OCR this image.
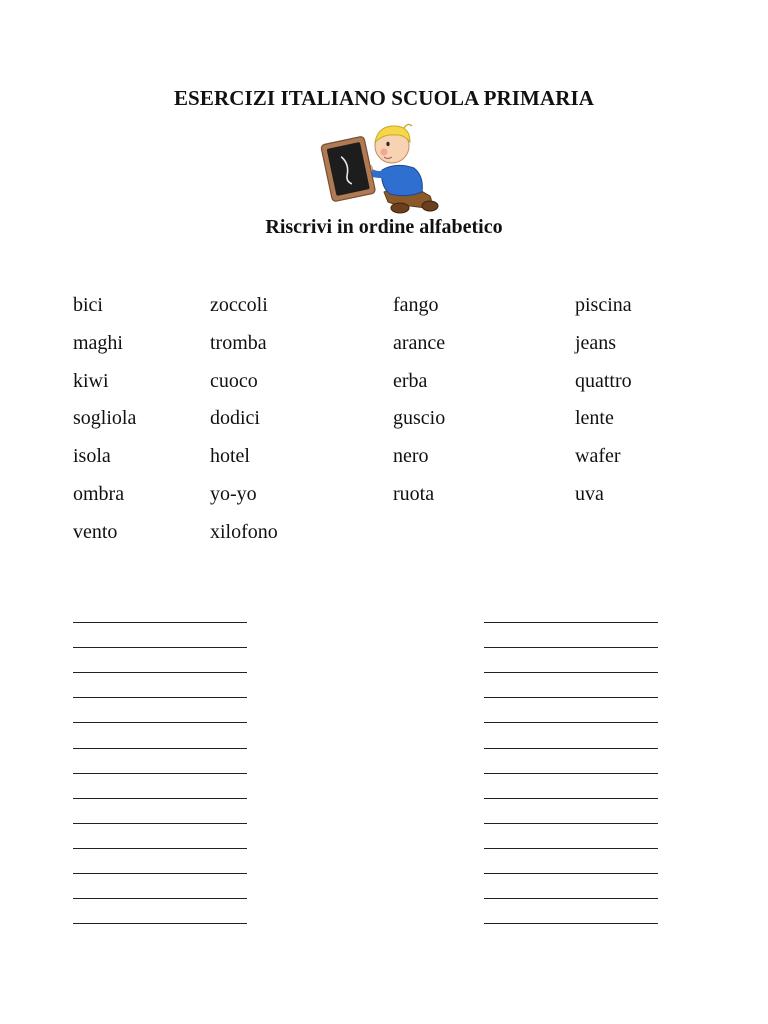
ESERCIZI ITALIANO SCUOLA PRIMARIA
Riscrivi in ordine alfabetico
bici
maghi
kiwi
sogliola
isola
ombra
vento
zoccoli
tromba
cuoco
dodici
hotel
yo-yo
xilofono
fango
arance
erba
guscio
nero
ruota
piscina
jeans
quattro
lente
wafer
uva
